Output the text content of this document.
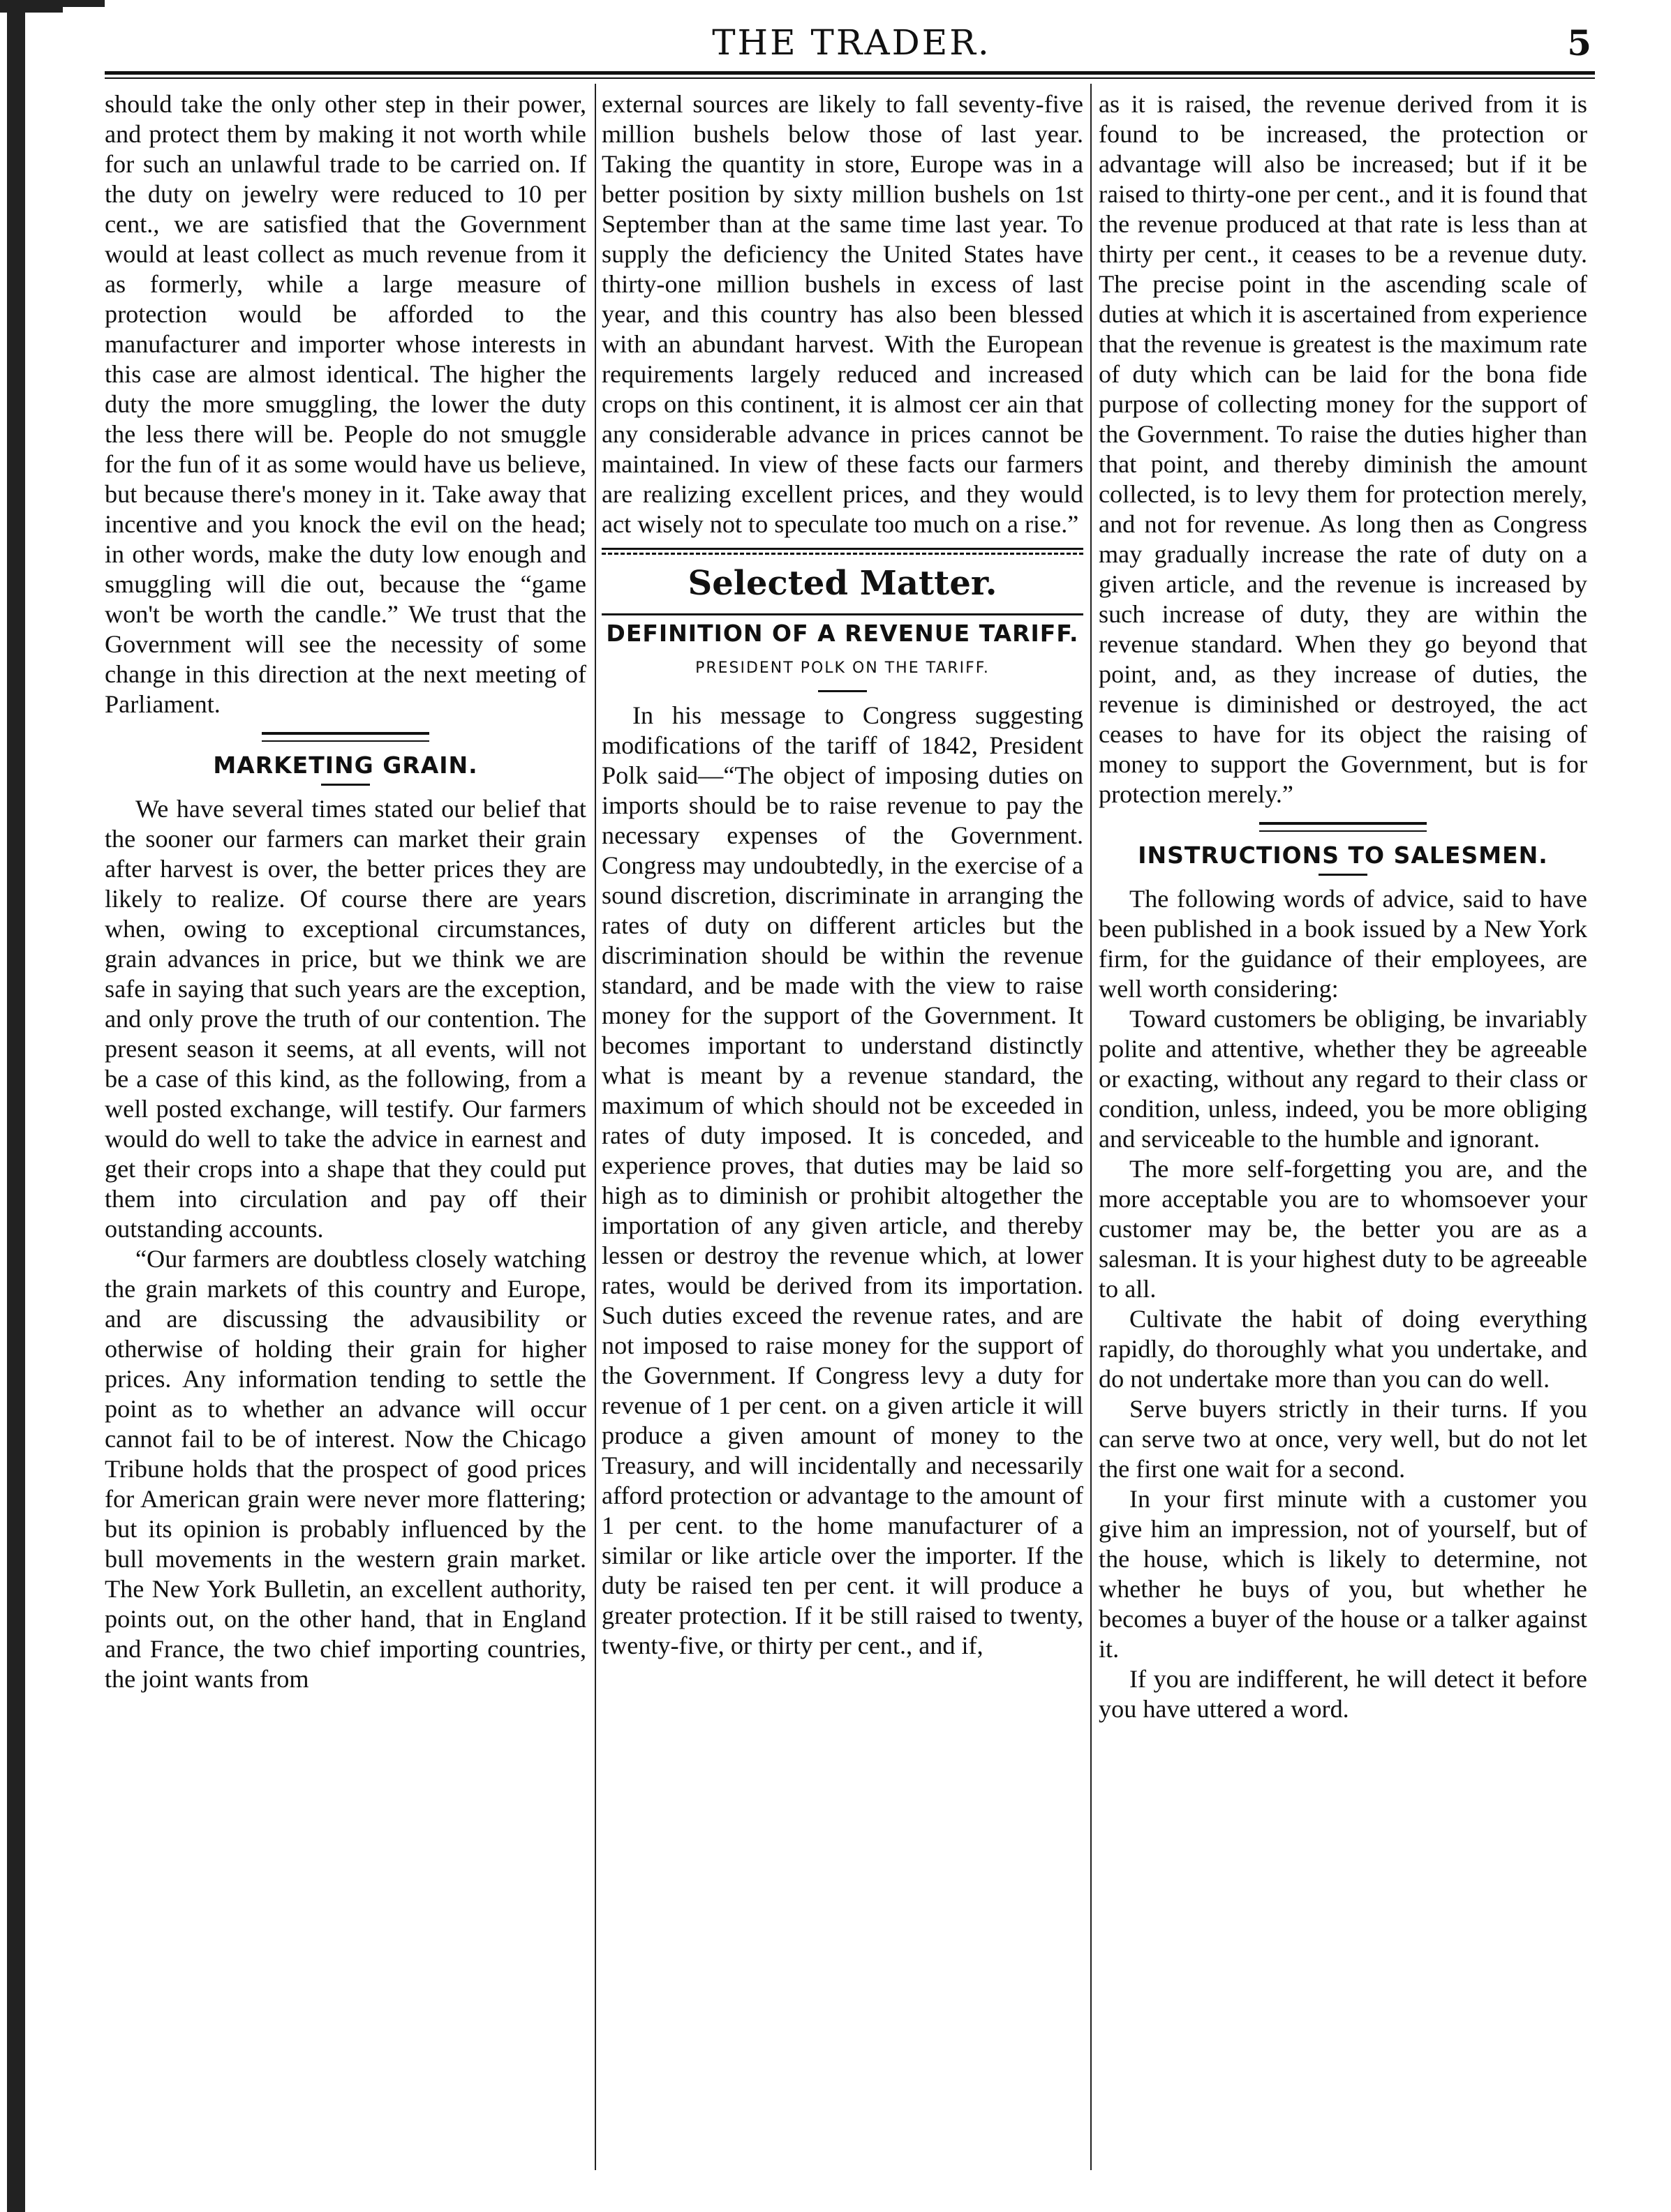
THE TRADER.	5

should take the only other step in their power, and protect them by making it not worth while for such an unlawful trade to be carried on. If the duty on jewelry were reduced to 10 per cent., we are satisfied that the Government would at least collect as much revenue from it as formerly, while a large measure of protection would be afforded to the manufacturer and importer whose interests in this case are almost identical. The higher the duty the more smuggling, the lower the duty the less there will be. People do not smuggle for the fun of it as some would have us believe, but because there's money in it. Take away that incentive and you knock the evil on the head; in other words, make the duty low enough and smuggling will die out, because the “game won't be worth the candle.” We trust that the Government will see the necessity of some change in this direction at the next meeting of Parliament.

MARKETING GRAIN.

We have several times stated our belief that the sooner our farmers can market their grain after harvest is over, the better prices they are likely to realize. Of course there are years when, owing to exceptional circumstances, grain advances in price, but we think we are safe in saying that such years are the exception, and only prove the truth of our contention. The present season it seems, at all events, will not be a case of this kind, as the following, from a well posted exchange, will testify. Our farmers would do well to take the advice in earnest and get their crops into a shape that they could put them into circulation and pay off their outstanding accounts.

“Our farmers are doubtless closely watching the grain markets of this country and Europe, and are discussing the advausibility or otherwise of holding their grain for higher prices. Any information tending to settle the point as to whether an advance will occur cannot fail to be of interest. Now the Chicago Tribune holds that the prospect of good prices for American grain were never more flattering; but its opinion is probably influenced by the bull movements in the western grain market. The New York Bulletin, an excellent authority, points out, on the other hand, that in England and France, the two chief importing countries, the joint wants from

external sources are likely to fall seventy-five million bushels below those of last year. Taking the quantity in store, Europe was in a better position by sixty million bushels on 1st September than at the same time last year. To supply the deficiency the United States have thirty-one million bushels in excess of last year, and this country has also been blessed with an abundant harvest. With the European requirements largely reduced and increased crops on this continent, it is almost cer ain that any considerable advance in prices cannot be maintained. In view of these facts our farmers are realizing excellent prices, and they would act wisely not to speculate too much on a rise.”

Selected Matter.
DEFINITION OF A REVENUE TARIFF.
PRESIDENT POLK ON THE TARIFF.

In his message to Congress suggesting modifications of the tariff of 1842, President Polk said—“The object of imposing duties on imports should be to raise revenue to pay the necessary expenses of the Government. Congress may undoubtedly, in the exercise of a sound discretion, discriminate in arranging the rates of duty on different articles but the discrimination should be within the revenue standard, and be made with the view to raise money for the support of the Government. It becomes important to understand distinctly what is meant by a revenue standard, the maximum of which should not be exceeded in rates of duty imposed. It is conceded, and experience proves, that duties may be laid so high as to diminish or prohibit altogether the importation of any given article, and thereby lessen or destroy the revenue which, at lower rates, would be derived from its importation. Such duties exceed the revenue rates, and are not imposed to raise money for the support of the Government. If Congress levy a duty for revenue of 1 per cent. on a given article it will produce a given amount of money to the Treasury, and will incidentally and necessarily afford protection or advantage to the amount of 1 per cent. to the home manufacturer of a similar or like article over the importer. If the duty be raised ten per cent. it will produce a greater protection. If it be still raised to twenty, twenty-five, or thirty per cent., and if,

as it is raised, the revenue derived from it is found to be increased, the protection or advantage will also be increased; but if it be raised to thirty-one per cent., and it is found that the revenue produced at that rate is less than at thirty per cent., it ceases to be a revenue duty. The precise point in the ascending scale of duties at which it is ascertained from experience that the revenue is greatest is the maximum rate of duty which can be laid for the bona fide purpose of collecting money for the support of the Government. To raise the duties higher than that point, and thereby diminish the amount collected, is to levy them for protection merely, and not for revenue. As long then as Congress may gradually increase the rate of duty on a given article, and the revenue is increased by such increase of duty, they are within the revenue standard. When they go beyond that point, and, as they increase of duties, the revenue is diminished or destroyed, the act ceases to have for its object the raising of money to support the Government, but is for protection merely.”

INSTRUCTIONS TO SALESMEN.

The following words of advice, said to have been published in a book issued by a New York firm, for the guidance of their employees, are well worth considering:

Toward customers be obliging, be invariably polite and attentive, whether they be agreeable or exacting, without any regard to their class or condition, unless, indeed, you be more obliging and serviceable to the humble and ignorant.

The more self-forgetting you are, and the more acceptable you are to whomsoever your customer may be, the better you are as a salesman. It is your highest duty to be agreeable to all.

Cultivate the habit of doing everything rapidly, do thoroughly what you undertake, and do not undertake more than you can do well.

Serve buyers strictly in their turns. If you can serve two at once, very well, but do not let the first one wait for a second.

In your first minute with a customer you give him an impression, not of yourself, but of the house, which is likely to determine, not whether he buys of you, but whether he becomes a buyer of the house or a talker against it.

If you are indifferent, he will detect it before you have uttered a word.
